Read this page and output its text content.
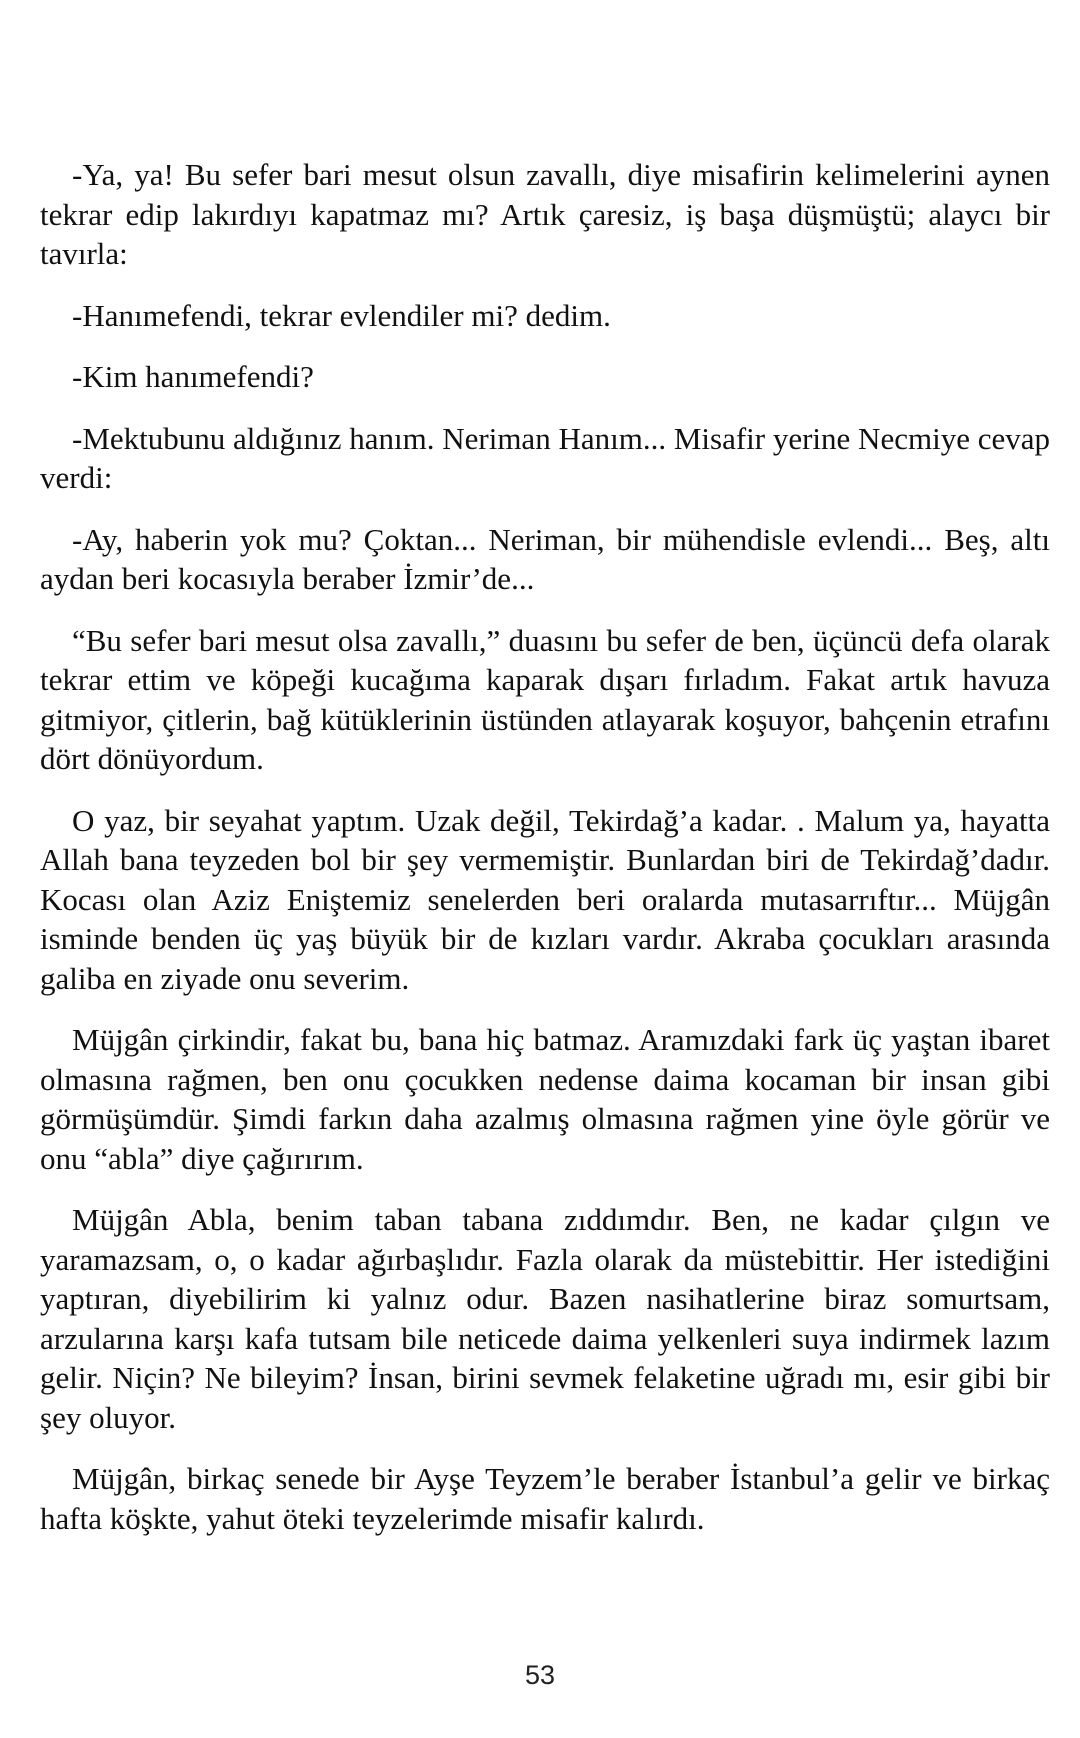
-Ya, ya! Bu sefer bari mesut olsun zavallı, diye misafirin kelimelerini aynen tekrar edip lakırdıyı kapatmaz mı? Artık çaresiz, iş başa düşmüştü; alaycı bir tavırla:

-Hanımefendi, tekrar evlendiler mi? dedim.

-Kim hanımefendi?

-Mektubunu aldığınız hanım. Neriman Hanım... Misafir yerine Necmiye cevap verdi:

-Ay, haberin yok mu? Çoktan... Neriman, bir mühendisle evlendi... Beş, altı aydan beri kocasıyla beraber İzmir’de...

“Bu sefer bari mesut olsa zavallı,” duasını bu sefer de ben, üçüncü defa olarak tekrar ettim ve köpeği kucağıma kaparak dışarı fırladım. Fakat artık havuza gitmiyor, çitlerin, bağ kütüklerinin üstünden atlayarak koşuyor, bahçenin etrafını dört dönüyordum.

O yaz, bir seyahat yaptım. Uzak değil, Tekirdağ’a kadar. . Malum ya, hayatta Allah bana teyzeden bol bir şey vermemiştir. Bunlardan biri de Tekirdağ’dadır. Kocası olan Aziz Eniştemiz senelerden beri oralarda mutasarrıftır... Müjgân isminde benden üç yaş büyük bir de kızları vardır. Akraba çocukları arasında galiba en ziyade onu severim.

Müjgân çirkindir, fakat bu, bana hiç batmaz. Aramızdaki fark üç yaştan ibaret olmasına rağmen, ben onu çocukken nedense daima kocaman bir insan gibi görmüşümdür. Şimdi farkın daha azalmış olmasına rağmen yine öyle görür ve onu “abla” diye çağırırım.

Müjgân Abla, benim taban tabana zıddımdır. Ben, ne kadar çılgın ve yaramazsam, o, o kadar ağırbaşlıdır. Fazla olarak da müstebittir. Her istediğini yaptıran, diyebilirim ki yalnız odur. Bazen nasihatlerine biraz somurtsam, arzularına karşı kafa tutsam bile neticede daima yelkenleri suya indirmek lazım gelir. Niçin? Ne bileyim? İnsan, birini sevmek felaketine uğradı mı, esir gibi bir şey oluyor.

Müjgân, birkaç senede bir Ayşe Teyzem’le beraber İstanbul’a gelir ve birkaç hafta köşkte, yahut öteki teyzelerimde misafir kalırdı.

53
